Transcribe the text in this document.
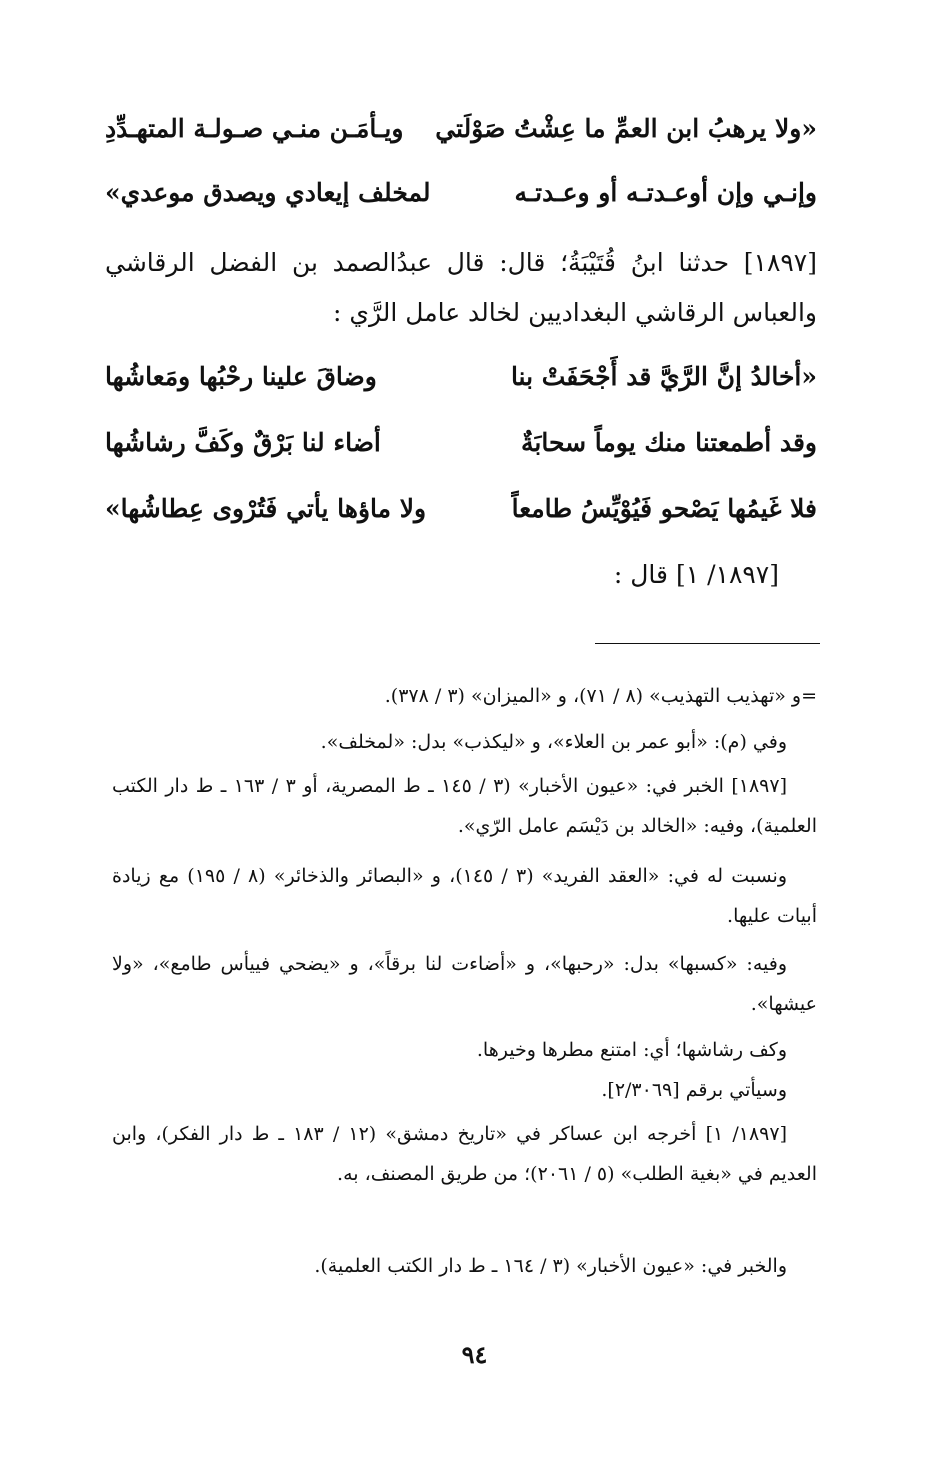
«ولا يرهبُ ابن العمِّ ما عِشْتُ صَوْلَتي
ويـأمَـن منـي صـولـة المتهـدِّدِ
وإنـي وإن أوعـدتـه أو وعـدتـه
لمخلف إيعادي ويصدق موعدي»
[١٨٩٧] حدثنا ابنُ قُتَيْبَةُ؛ قال: قال عبدُالصمد بن الفضل الرقاشي والعباس الرقاشي البغداديين لخالد عامل الرَّي :
«أخالدُ إنَّ الرَّيَّ قد أَجْحَفَتْ بنا
وضاقَ علينا رحْبُها ومَعاشُها
وقد أطمعتنا منك يوماً سحابَةٌ
أضاء لنا بَرْقٌ وكَفَّ رشاشُها
فلا غَيمُها يَصْحو فَيُوْيِّسُ طامعاً
ولا ماؤها يأتي فَتُرْوى عِطاشُها»
[١٨٩٧/ ١] قال :
=و «تهذيب التهذيب» (٨ / ٧١)، و «الميزان» (٣ / ٣٧٨).
وفي (م): «أبو عمر بن العلاء»، و «ليكذب» بدل: «لمخلف».
[١٨٩٧] الخبر في: «عيون الأخبار» (٣ / ١٤٥ ـ ط المصرية، أو ٣ / ١٦٣ ـ ط دار الكتب العلمية)، وفيه: «الخالد بن دَيْسَم عامل الرّي».
ونسبت له في: «العقد الفريد» (٣ / ١٤٥)، و «البصائر والذخائر» (٨ / ١٩٥) مع زيادة أبيات عليها.
وفيه: «كسبها» بدل: «رحبها»، و «أضاءت لنا برقاً»، و «يضحي فييأس طامع»، «ولا عيشها».
وكف رشاشها؛ أي: امتنع مطرها وخيرها.
وسيأتي برقم [٢/٣٠٦٩].
[١٨٩٧/ ١] أخرجه ابن عساكر في «تاريخ دمشق» (١٢ / ١٨٣ ـ ط دار الفكر)، وابن العديم في «بغية الطلب» (٥ / ٢٠٦١)؛ من طريق المصنف، به.
والخبر في: «عيون الأخبار» (٣ / ١٦٤ ـ ط دار الكتب العلمية).
٩٤
